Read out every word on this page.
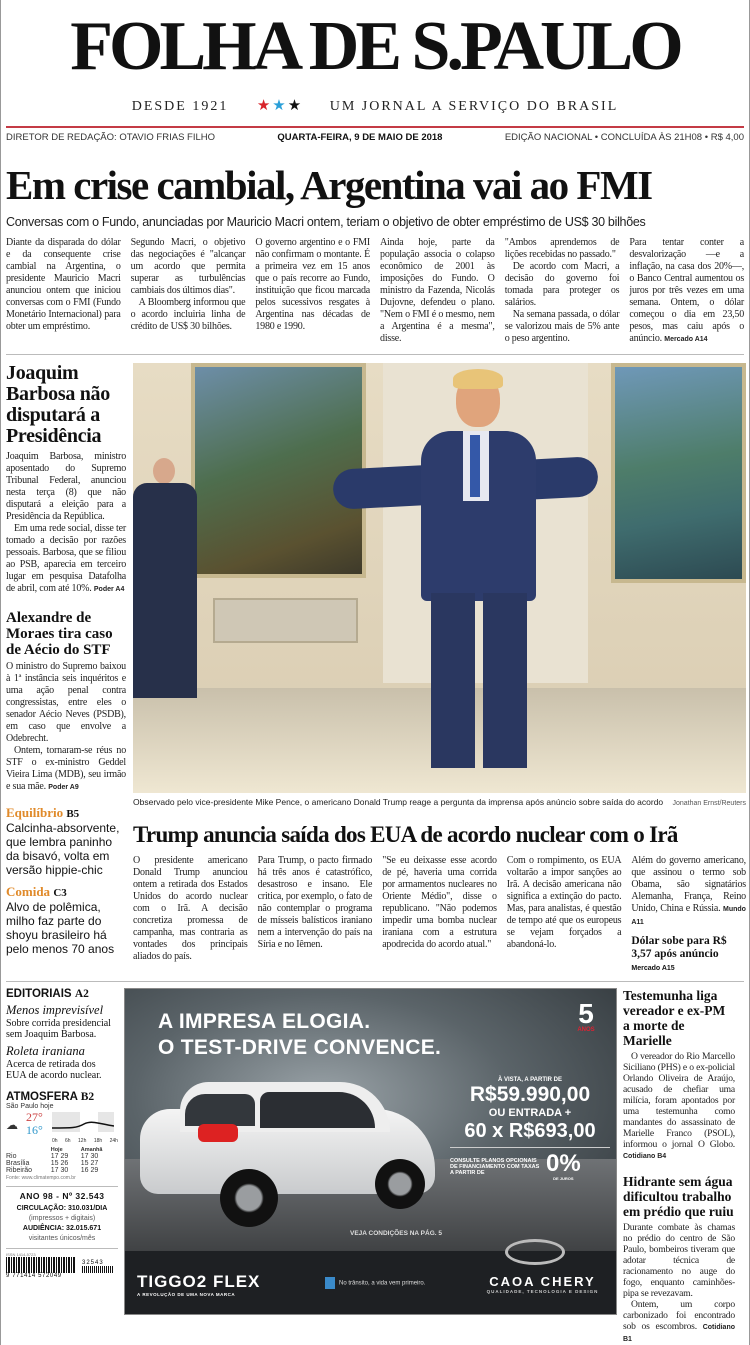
FOLHA DE S.PAULO
DESDE 1921 ★ ★ ★ UM JORNAL A SERVIÇO DO BRASIL
DIRETOR DE REDAÇÃO: OTAVIO FRIAS FILHO	QUARTA-FEIRA, 9 DE MAIO DE 2018	EDIÇÃO NACIONAL • CONCLUÍDA ÀS 21H08 • R$ 4,00
Em crise cambial, Argentina vai ao FMI
Conversas com o Fundo, anunciadas por Mauricio Macri ontem, teriam o objetivo de obter empréstimo de US$ 30 bilhões

Diante da disparada do dólar e da consequente crise cambial na Argentina, o presidente Mauricio Macri anunciou ontem que iniciou conversas com o FMI (Fundo Monetário Internacional) para obter um empréstimo.

Segundo Macri, o objetivo das negociações é "alcançar um acordo que permita superar as turbulências cambiais dos últimos dias".

A Bloomberg informou que o acordo incluiria linha de crédito de US$ 30 bilhões.

O governo argentino e o FMI não confirmam o montante. É a primeira vez em 15 anos que o país recorre ao Fundo, instituição que ficou marcada pelos sucessivos resgates à Argentina nas décadas de 1980 e 1990.

Ainda hoje, parte da população associa o colapso econômico de 2001 às imposições do Fundo. O ministro da Fazenda, Nicolás Dujovne, defendeu o plano. "Nem o FMI é o mesmo, nem a Argentina é a mesma", disse.

"Ambos aprendemos de lições recebidas no passado."

De acordo com Macri, a decisão do governo foi tomada para proteger os salários.

Na semana passada, o dólar se valorizou mais de 5% ante o peso argentino.

Para tentar conter a desvalorização —e a inflação, na casa dos 20%—, o Banco Central aumentou os juros por três vezes em uma semana. Ontem, o dólar começou o dia em 23,50 pesos, mas caiu após o anúncio. Mercado A14

Joaquim Barbosa não disputará a Presidência

Joaquim Barbosa, ministro aposentado do Supremo Tribunal Federal, anunciou nesta terça (8) que não disputará a eleição para a Presidência da República.

Em uma rede social, disse ter tomado a decisão por razões pessoais. Barbosa, que se filiou ao PSB, aparecia em terceiro lugar em pesquisa Datafolha de abril, com até 10%. Poder A4

Alexandre de Moraes tira caso de Aécio do STF

O ministro do Supremo baixou à 1ª instância seis inquéritos e uma ação penal contra congressistas, entre eles o senador Aécio Neves (PSDB), em caso que envolve a Odebrecht.

Ontem, tornaram-se réus no STF o ex-ministro Geddel Vieira Lima (MDB), seu irmão e sua mãe. Poder A9

Equilíbrio B5
Calcinha-absorvente, que lembra paninho da bisavó, volta em versão hippie-chic
Comida C3
Alvo de polêmica, milho faz parte do shoyu brasileiro há pelo menos 70 anos
Observado pelo vice-presidente Mike Pence, o americano Donald Trump reage a pergunta da imprensa após anúncio sobre saída do acordo Jonathan Ernst/Reuters
Trump anuncia saída dos EUA de acordo nuclear com o Irã

O presidente americano Donald Trump anunciou ontem a retirada dos Estados Unidos do acordo nuclear com o Irã. A decisão concretiza promessa de campanha, mas contraria as vontades dos principais aliados do país.

Para Trump, o pacto firmado há três anos é catastrófico, desastroso e insano. Ele critica, por exemplo, o fato de não contemplar o programa de mísseis balísticos iraniano nem a intervenção do país na Síria e no Iêmen.

"Se eu deixasse esse acordo de pé, haveria uma corrida por armamentos nucleares no Oriente Médio", disse o republicano. "Não podemos impedir uma bomba nuclear iraniana com a estrutura apodrecida do acordo atual."

Com o rompimento, os EUA voltarão a impor sanções ao Irã. A decisão americana não significa a extinção do pacto. Mas, para analistas, é questão de tempo até que os europeus se vejam forçados a abandoná-lo.

Além do governo americano, que assinou o termo sob Obama, são signatários Alemanha, França, Reino Unido, China e Rússia. Mundo A11

Dólar sobe para R$ 3,57 após anúncio Mercado A15
EDITORIAIS A2
Menos imprevisível
Sobre corrida presidencial sem Joaquim Barbosa.
Roleta iraniana
Acerca de retirada dos EUA de acordo nuclear.
ATMOSFERA B2
São Paulo hoje
☁
27°
16°
0h 6h 12h 18h 24h
	Hoje	Amanhã
Rio	17 29	17 30
Brasília	15 26	15 27
Ribeirão	17 30	16 29
Fonte: www.climatempo.com.br
ANO 98 - Nº 32.543
CIRCULAÇÃO: 310.031/DIA
(impressos + digitais)
AUDIÊNCIA: 32.015.671
visitantes únicos/mês
ISSN 1414-5723
32543
9 771414 572049
A IMPRESA ELOGIA.
O TEST-DRIVE CONVENCE.
5
ANOS
À VISTA, A PARTIR DE
R$59.990,00
OU ENTRADA +
60 x R$693,00
CONSULTE PLANOS OPCIONAIS DE FINANCIAMENTO COM TAXAS A PARTIR DE	0%
DE JUROS
VEJA CONDIÇÕES NA PÁG. 5
TIGGO2 FLEX
A REVOLUÇÃO DE UMA NOVA MARCA
No trânsito, a vida vem primeiro.	CAOA CHERY
QUALIDADE, TECNOLOGIA E DESIGN
Testemunha liga vereador e ex-PM a morte de Marielle

O vereador do Rio Marcello Siciliano (PHS) e o ex-policial Orlando Oliveira de Araújo, acusado de chefiar uma milícia, foram apontados por uma testemunha como mandantes do assassinato de Marielle Franco (PSOL), informou o jornal O Globo. Cotidiano B4

Hidrante sem água dificultou trabalho em prédio que ruiu

Durante combate às chamas no prédio do centro de São Paulo, bombeiros tiveram que adotar técnica de racionamento no auge do fogo, enquanto caminhões-pipa se revezavam.

Ontem, um corpo carbonizado foi encontrado sob os escombros. Cotidiano B1
